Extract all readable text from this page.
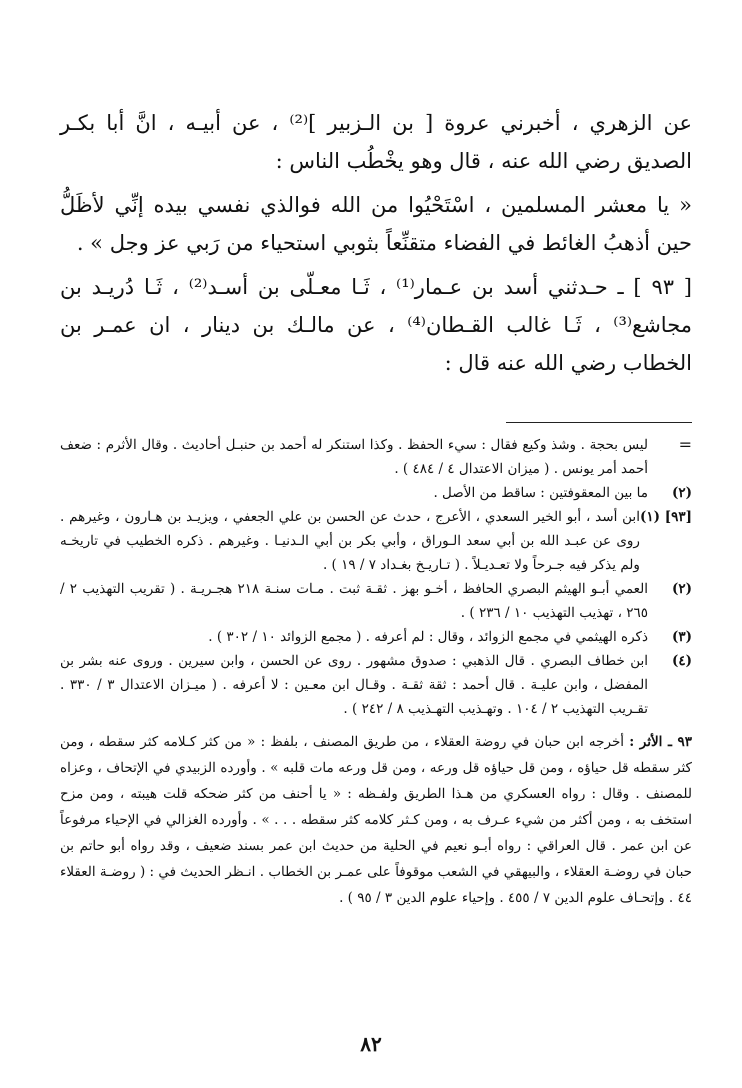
عن الزهري ، أخبرني عروة [ بن الـزبير ]⁽²⁾ ، عن أبيـه ، انَّ أبا بكـر الصديق رضي الله عنه ، قال وهو يخْطُب الناس :

« يا معشر المسلمين ، اسْتَحْيُوا من الله فوالذي نفسي بيده إنِّي لأظَلُّ حين أذهبُ الغائط في الفضاء متقنِّعاً بثوبي استحياء من رَبي عز وجل » .

[ ٩٣ ] ـ حـدثني أسد بن عـمار⁽¹⁾ ، ثَـا معـلّى بن أسـد⁽²⁾ ، ثَـا دُريـد بن مجاشع⁽³⁾ ، ثَـا غالب القـطان⁽⁴⁾ ، عن مالـك بن دينار ، ان عمـر بن الخطاب رضي الله عنه قال :

=
ليس بحجة . وشذ وكيع فقال : سيء الحفظ . وكذا استنكر له أحمد بن حنبـل أحاديث . وقال الأثرم : ضعف أحمد أمر يونس . ( ميزان الاعتدال ٤ / ٤٨٤ ) .
(٢)
ما بين المعقوفتين : ساقط من الأصل .
[٩٣] (١)
ابن أسد ، أبو الخير السعدي ، الأعرج ، حدث عن الحسن بن علي الجعفي ، ويزيـد بن هـارون ، وغيرهم . روى عن عبـد الله بن أبي سعد الـوراق ، وأبي بكر بن أبي الـدنيـا . وغيرهم . ذكره الخطيب في تاريخـه ولم يذكر فيه جـرحاً ولا تعـديـلاً . ( تـاريـخ بغـداد ٧ / ١٩ ) .
(٢)
العمي أبـو الهيثم البصري الحافظ ، أخـو بهز . ثقـة ثبت . مـات سنـة ٢١٨ هجـريـة . ( تقريب التهذيب ٢ / ٢٦٥ ، تهذيب التهذيب ١٠ / ٢٣٦ ) .
(٣)
ذكره الهيثمي في مجمع الزوائد ، وقال : لم أعرفه . ( مجمع الزوائد ١٠ / ٣٠٢ ) .
(٤)
ابن خطاف البصري . قال الذهبي : صدوق مشهور . روى عن الحسن ، وابن سيرين . وروى عنه بشر بن المفضل ، وابن عليـة . قال أحمد : ثقة ثقـة . وقـال ابن معـين : لا أعرفه . ( ميـزان الاعتدال ٣ / ٣٣٠ . تقـريب التهذيب ٢ / ١٠٤ . وتهـذيب التهـذيب ٨ / ٢٤٢ ) .
٩٣ ـ الأثر : أخرجه ابن حبان في روضة العقلاء ، من طريق المصنف ، بلفظ : « من كثر كـلامه كثر سقطه ، ومن كثر سقطه قل حياؤه ، ومن قل حياؤه قل ورعه ، ومن قل ورعه مات قلبه » . وأورده الزبيدي في الإتحاف ، وعزاه للمصنف . وقال : رواه العسكري من هـذا الطريق ولفـظه : « يا أحنف من كثر ضحكه قلت هيبته ، ومن مزح استخف به ، ومن أكثر من شيء عـرف به ، ومن كـثر كلامه كثر سقطه . . . » . وأورده الغزالي في الإحياء مرفوعاً عن ابن عمر . قال العراقي : رواه أبـو نعيم في الحلية من حديث ابن عمر بسند ضعيف ، وقد رواه أبو حاتم بن حبان في روضـة العقلاء ، والبيهقي في الشعب موقوفاً على عمـر بن الخطاب . انـظر الحديث في : ( روضـة العقلاء ٤٤ . وإتحـاف علوم الدين ٧ / ٤٥٥ . وإحياء علوم الدين ٣ / ٩٥ ) .
٨٢
